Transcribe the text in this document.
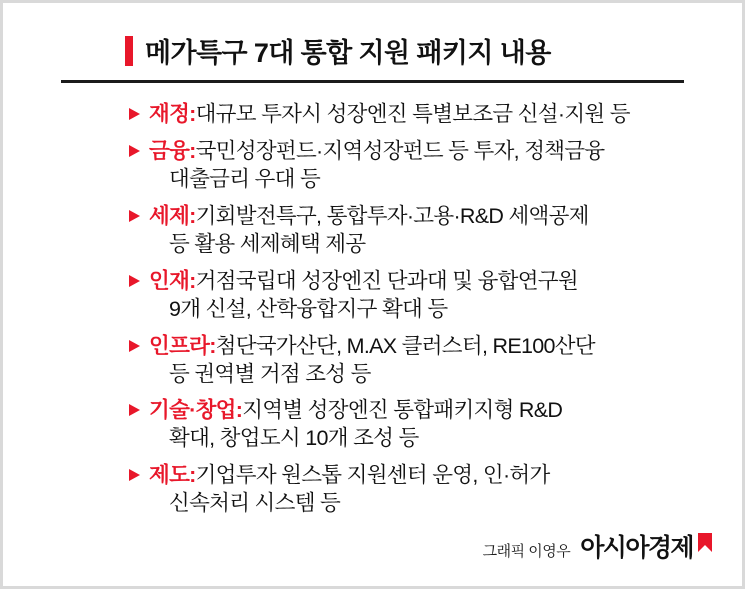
메가특구 7대 통합 지원 패키지 내용
재정:대규모 투자시 성장엔진 특별보조금 신설·지원 등
금융:국민성장펀드·지역성장펀드 등 투자, 정책금융
대출금리 우대 등
세제:기회발전특구, 통합투자·고용·R&D 세액공제
등 활용 세제혜택 제공
인재:거점국립대 성장엔진 단과대 및 융합연구원
9개 신설, 산학융합지구 확대 등
인프라:첨단국가산단, M.AX 클러스터, RE100산단
등 권역별 거점 조성 등
기술·창업:지역별 성장엔진 통합패키지형 R&D
확대, 창업도시 10개 조성 등
제도:기업투자 원스톱 지원센터 운영, 인·허가
신속처리 시스템 등
그래픽 이영우 아시아경제
